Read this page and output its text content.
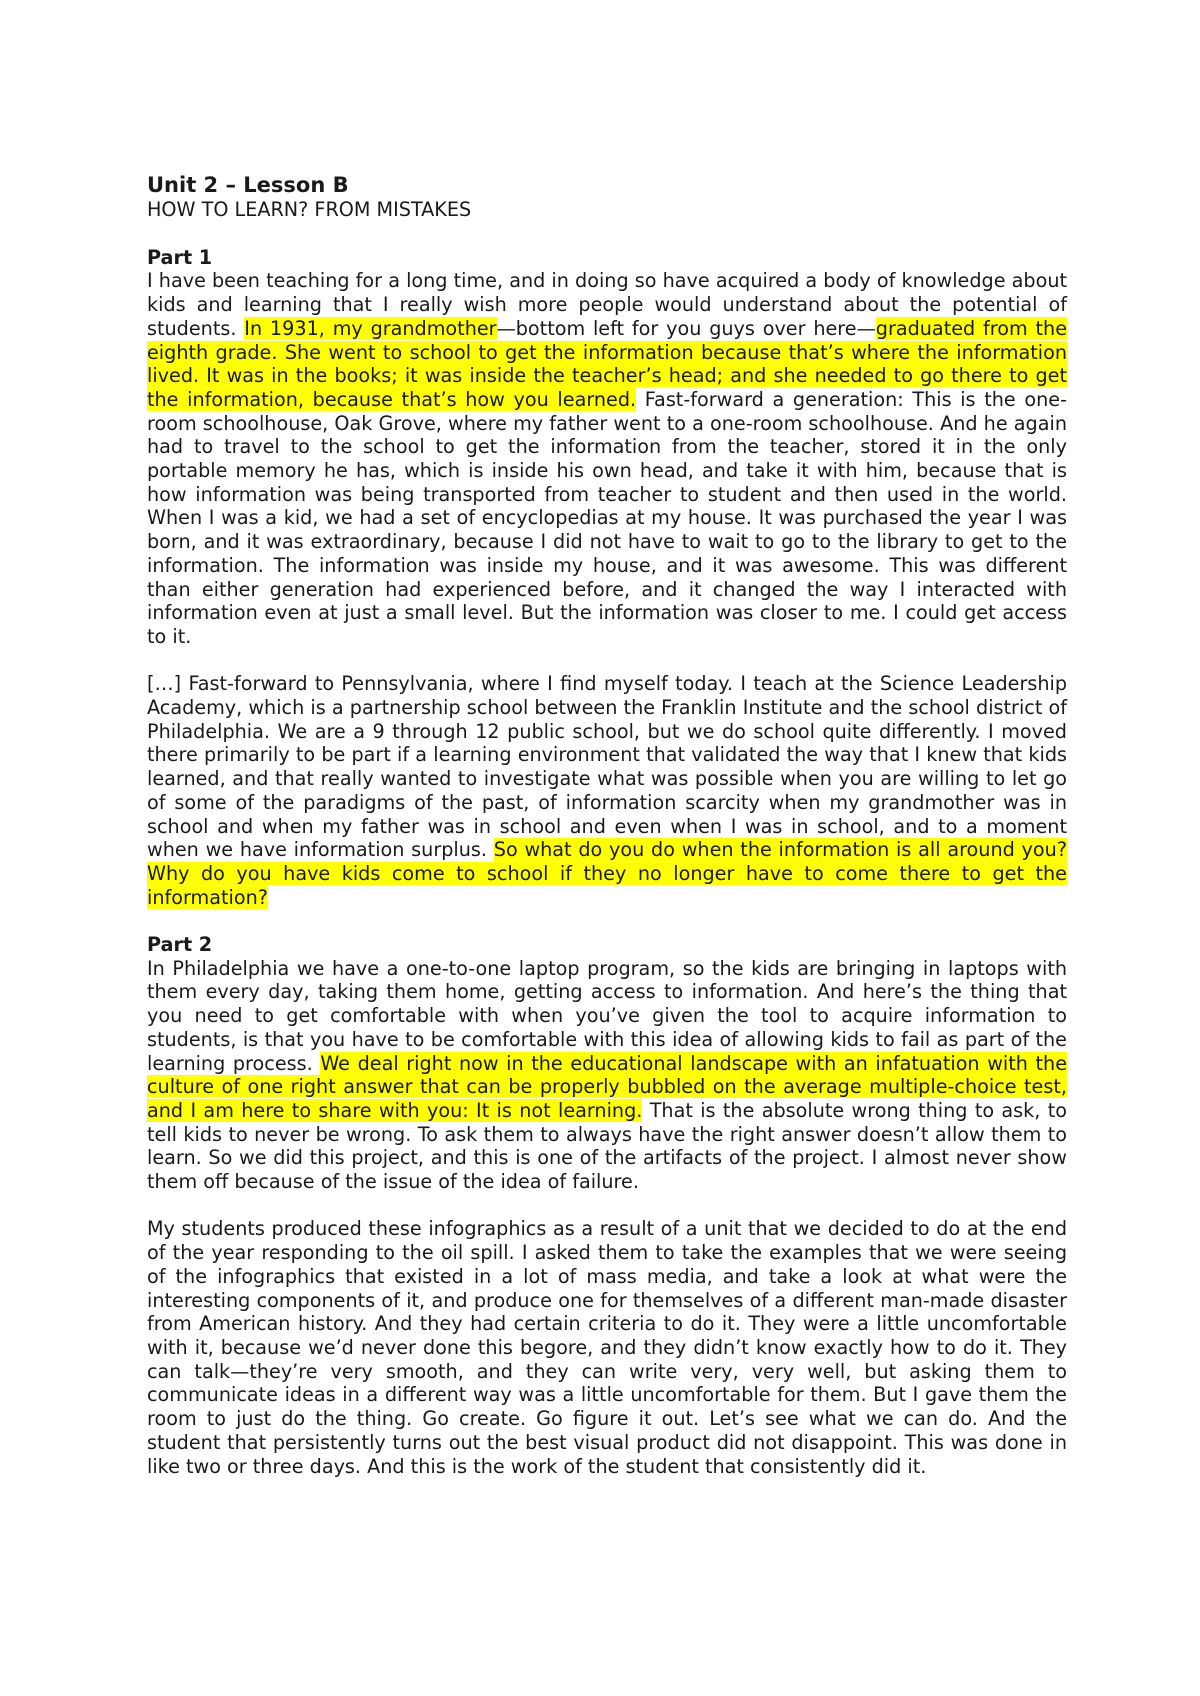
Unit 2 – Lesson B

HOW TO LEARN? FROM MISTAKES

Part 1

I have been teaching for a long time, and in doing so have acquired a body of knowledge about kids and learning that I really wish more people would understand about the potential of students. In 1931, my grandmother—bottom left for you guys over here—graduated from the eighth grade. She went to school to get the information because that’s where the information lived. It was in the books; it was inside the teacher’s head; and she needed to go there to get the information, because that’s how you learned. Fast-forward a generation: This is the one-room schoolhouse, Oak Grove, where my father went to a one-room schoolhouse. And he again had to travel to the school to get the information from the teacher, stored it in the only portable memory he has, which is inside his own head, and take it with him, because that is how information was being transported from teacher to student and then used in the world. When I was a kid, we had a set of encyclopedias at my house. It was purchased the year I was born, and it was extraordinary, because I did not have to wait to go to the library to get to the information. The information was inside my house, and it was awesome. This was different than either generation had experienced before, and it changed the way I interacted with information even at just a small level. But the information was closer to me. I could get access to it.

[…] Fast-forward to Pennsylvania, where I find myself today. I teach at the Science Leadership Academy, which is a partnership school between the Franklin Institute and the school district of Philadelphia. We are a 9 through 12 public school, but we do school quite differently. I moved there primarily to be part if a learning environment that validated the way that I knew that kids learned, and that really wanted to investigate what was possible when you are willing to let go of some of the paradigms of the past, of information scarcity when my grandmother was in school and when my father was in school and even when I was in school, and to a moment when we have information surplus. So what do you do when the information is all around you? Why do you have kids come to school if they no longer have to come there to get the information?

Part 2

In Philadelphia we have a one-to-one laptop program, so the kids are bringing in laptops with them every day, taking them home, getting access to information. And here’s the thing that you need to get comfortable with when you’ve given the tool to acquire information to students, is that you have to be comfortable with this idea of allowing kids to fail as part of the learning process. We deal right now in the educational landscape with an infatuation with the culture of one right answer that can be properly bubbled on the average multiple-choice test, and I am here to share with you: It is not learning. That is the absolute wrong thing to ask, to tell kids to never be wrong. To ask them to always have the right answer doesn’t allow them to learn. So we did this project, and this is one of the artifacts of the project. I almost never show them off because of the issue of the idea of failure.

My students produced these infographics as a result of a unit that we decided to do at the end of the year responding to the oil spill. I asked them to take the examples that we were seeing of the infographics that existed in a lot of mass media, and take a look at what were the interesting components of it, and produce one for themselves of a different man-made disaster from American history. And they had certain criteria to do it. They were a little uncomfortable with it, because we’d never done this begore, and they didn’t know exactly how to do it. They can talk—they’re very smooth, and they can write very, very well, but asking them to communicate ideas in a different way was a little uncomfortable for them. But I gave them the room to just do the thing. Go create. Go figure it out. Let’s see what we can do. And the student that persistently turns out the best visual product did not disappoint. This was done in like two or three days. And this is the work of the student that consistently did it.
